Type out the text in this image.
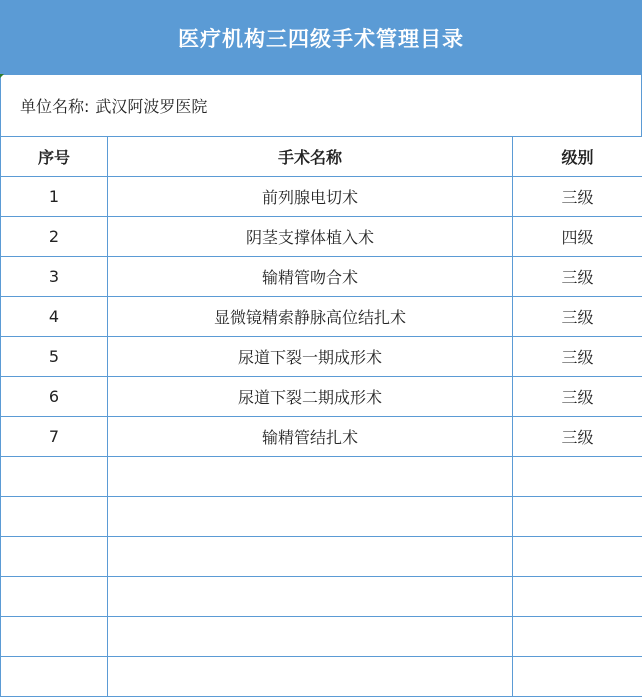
医疗机构三四级手术管理目录
单位名称: 武汉阿波罗医院
序号	手术名称	级别
1	前列腺电切术	三级
2	阴茎支撑体植入术	四级
3	输精管吻合术	三级
4	显微镜精索静脉高位结扎术	三级
5	尿道下裂一期成形术	三级
6	尿道下裂二期成形术	三级
7	输精管结扎术	三级
